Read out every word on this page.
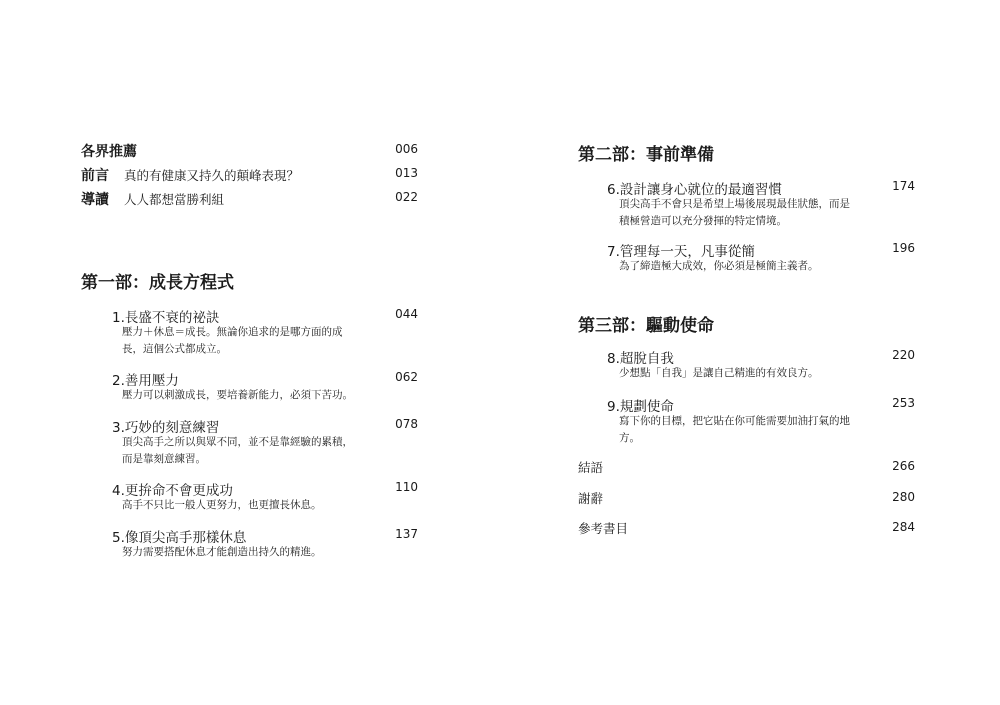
各界推薦	006
前言 真的有健康又持久的顛峰表現？	013
導讀 人人都想當勝利組	022
第一部：成長方程式
1.長盛不衰的祕訣	044
壓力＋休息＝成長。無論你追求的是哪方面的成長，這個公式都成立。
2.善用壓力	062
壓力可以刺激成長，要培養新能力，必須下苦功。
3.巧妙的刻意練習	078
頂尖高手之所以與眾不同，並不是靠經驗的累積，而是靠刻意練習。
4.更拚命不會更成功	110
高手不只比一般人更努力，也更擅長休息。
5.像頂尖高手那樣休息	137
努力需要搭配休息才能創造出持久的精進。
第二部：事前準備
6.設計讓身心就位的最適習慣	174
頂尖高手不會只是希望上場後展現最佳狀態，而是積極營造可以充分發揮的特定情境。
7.管理每一天，凡事從簡	196
為了締造極大成效，你必須是極簡主義者。
第三部：驅動使命
8.超脫自我	220
少想點「自我」是讓自己精進的有效良方。
9.規劃使命	253
寫下你的目標，把它貼在你可能需要加油打氣的地方。
結語	266
謝辭	280
參考書目	284
